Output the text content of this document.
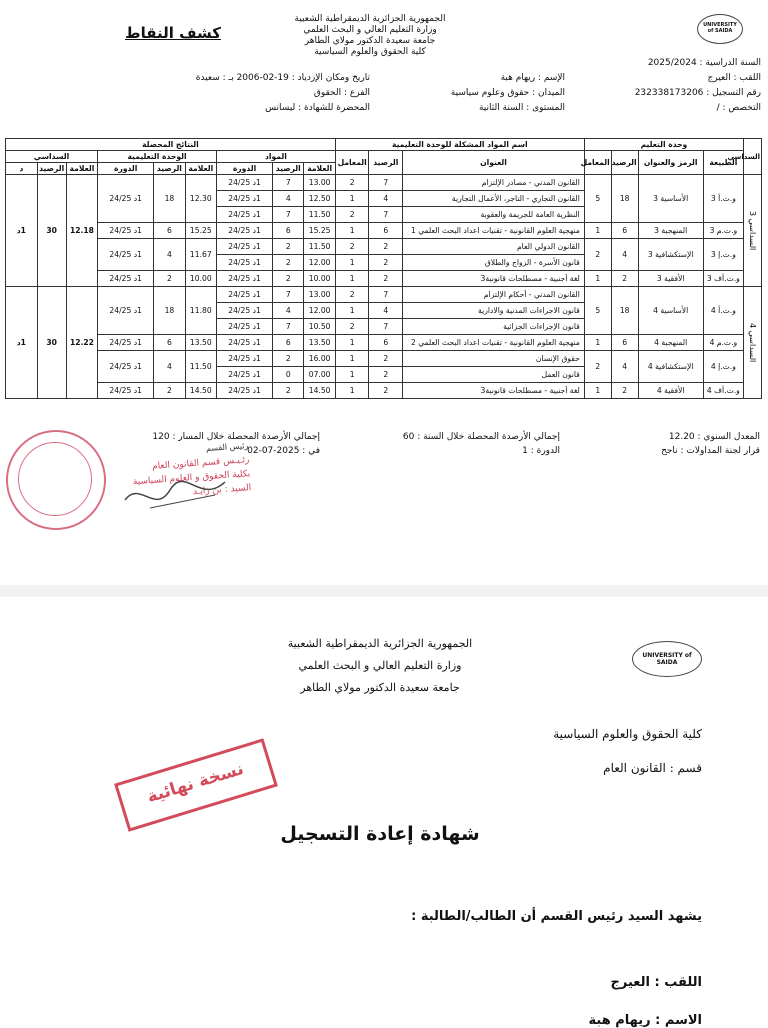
كشف النقاط
الجمهورية الجزائرية الديمقراطية الشعبية
وزارة التعليم العالي و البحث العلمي
جامعة سعيدة الدكتور مولاي الطاهر
كلية الحقوق والعلوم السياسية
UNIVERSITY of SAIDA
السنة الدراسية : 2025/2024
اللقب : العيرج
رقم التسجيل : 232338173206
التخصص : /
الإسم : ريهام هبة
الميدان : حقوق وعلوم سياسية
المستوى : السنة الثانية
تاريخ ومكان الإزدياد : 19-02-2006 بـ : سعيدة
الفرع : الحقوق
المحضرة للشهادة : ليسانس
السداسي	وحدة التعليم				اسم المواد المشكلة للوحدة التعليمية			النتائج المحصلة								
	الطبيعة	الرمز والعنوان	الرصيد	المعامل	العنوان	الرصيد	المعامل	المواد			الوحدة التعليمية			السداسي		
								العلامة	الرصيد	الدورة	العلامة	الرصيد	الدورة	العلامة	الرصيد	د
السداسي 3	و.ت.أ 3	الأساسية 3	18	5	القانون المدني - مصادر الإلتزام	7	2	13.00	7	1د 24/25	12.30	18	1د 24/25	12.18	30	1د
					القانون التجاري - التاجر، الأعمال التجارية	4	1	12.50	4	1د 24/25						
					النظرية العامة للجريمة والعقوبة	7	2	11.50	7	1د 24/25						
	و.ت.م 3	المنهجية 3	6	1	منهجية العلوم القانونية - تقنيات اعداد البحث العلمي 1	6	1	15.25	6	1د 24/25	15.25	6	1د 24/25			
	و.ت.إ 3	الإستكشافية 3	4	2	القانون الدولي العام	2	2	11.50	2	1د 24/25	11.67	4	1د 24/25			
					قانون الأسرة - الزواج والطلاق	2	1	12.00	2	1د 24/25						
	و.ت.أف 3	الأفقية 3	2	1	لغة أجنبية - مصطلحات قانونية3	2	1	10.00	2	1د 24/25	10.00	2	1د 24/25			
السداسي 4	و.ت.أ 4	الأساسية 4	18	5	القانون المدني - أحكام الإلتزام	7	2	13.00	7	1د 24/25	11.80	18	1د 24/25	12.22	30	1د
					قانون الاجراءات المدنية والادارية	4	1	12.00	4	1د 24/25						
					قانون الإجراءات الجزائية	7	2	10.50	7	1د 24/25						
	و.ت.م 4	المنهجية 4	6	1	منهجية العلوم القانونية - تقنيات اعداد البحث العلمي 2	6	1	13.50	6	1د 24/25	13.50	6	1د 24/25			
	و.ت.إ 4	الإستكشافية 4	4	2	حقوق الإنسان	2	1	16.00	2	1د 24/25	11.50	4	1د 24/25			
					قانون العمل	2	1	07.00	0	1د 24/25						
	و.ت.أف 4	الأفقية 4	2	1	لغة أجنبية - مصطلحات قانونية3	2	1	14.50	2	1د 24/25	14.50	2	1د 24/25			
المعدل السنوي : 12.20
قرار لجنة المداولات : ناجح
إجمالي الأرصدة المحصلة خلال السنة : 60
الدورة : 1
إجمالي الأرصدة المحصلة خلال المسار : 120
في : 2025-07-02
رئيس القسم
رئـيـس قسم القانون العام
بكلية الحقوق و العلوم السياسية
السيد : بن زايـد
الجمهورية الجزائرية الديمقراطية الشعبية
وزارة التعليم العالي و البحث العلمي
جامعة سعيدة الدكتور مولاي الطاهر
UNIVERSITY of SAIDA
كلية الحقوق والعلوم السياسية
قسم : القانون العام
نسخة نهائية
شهادة إعادة التسجيل
يشهد السيد رئيس القسم أن الطالب/الطالبة :
اللقب : العيرج
الاسم : ريهام هبة
